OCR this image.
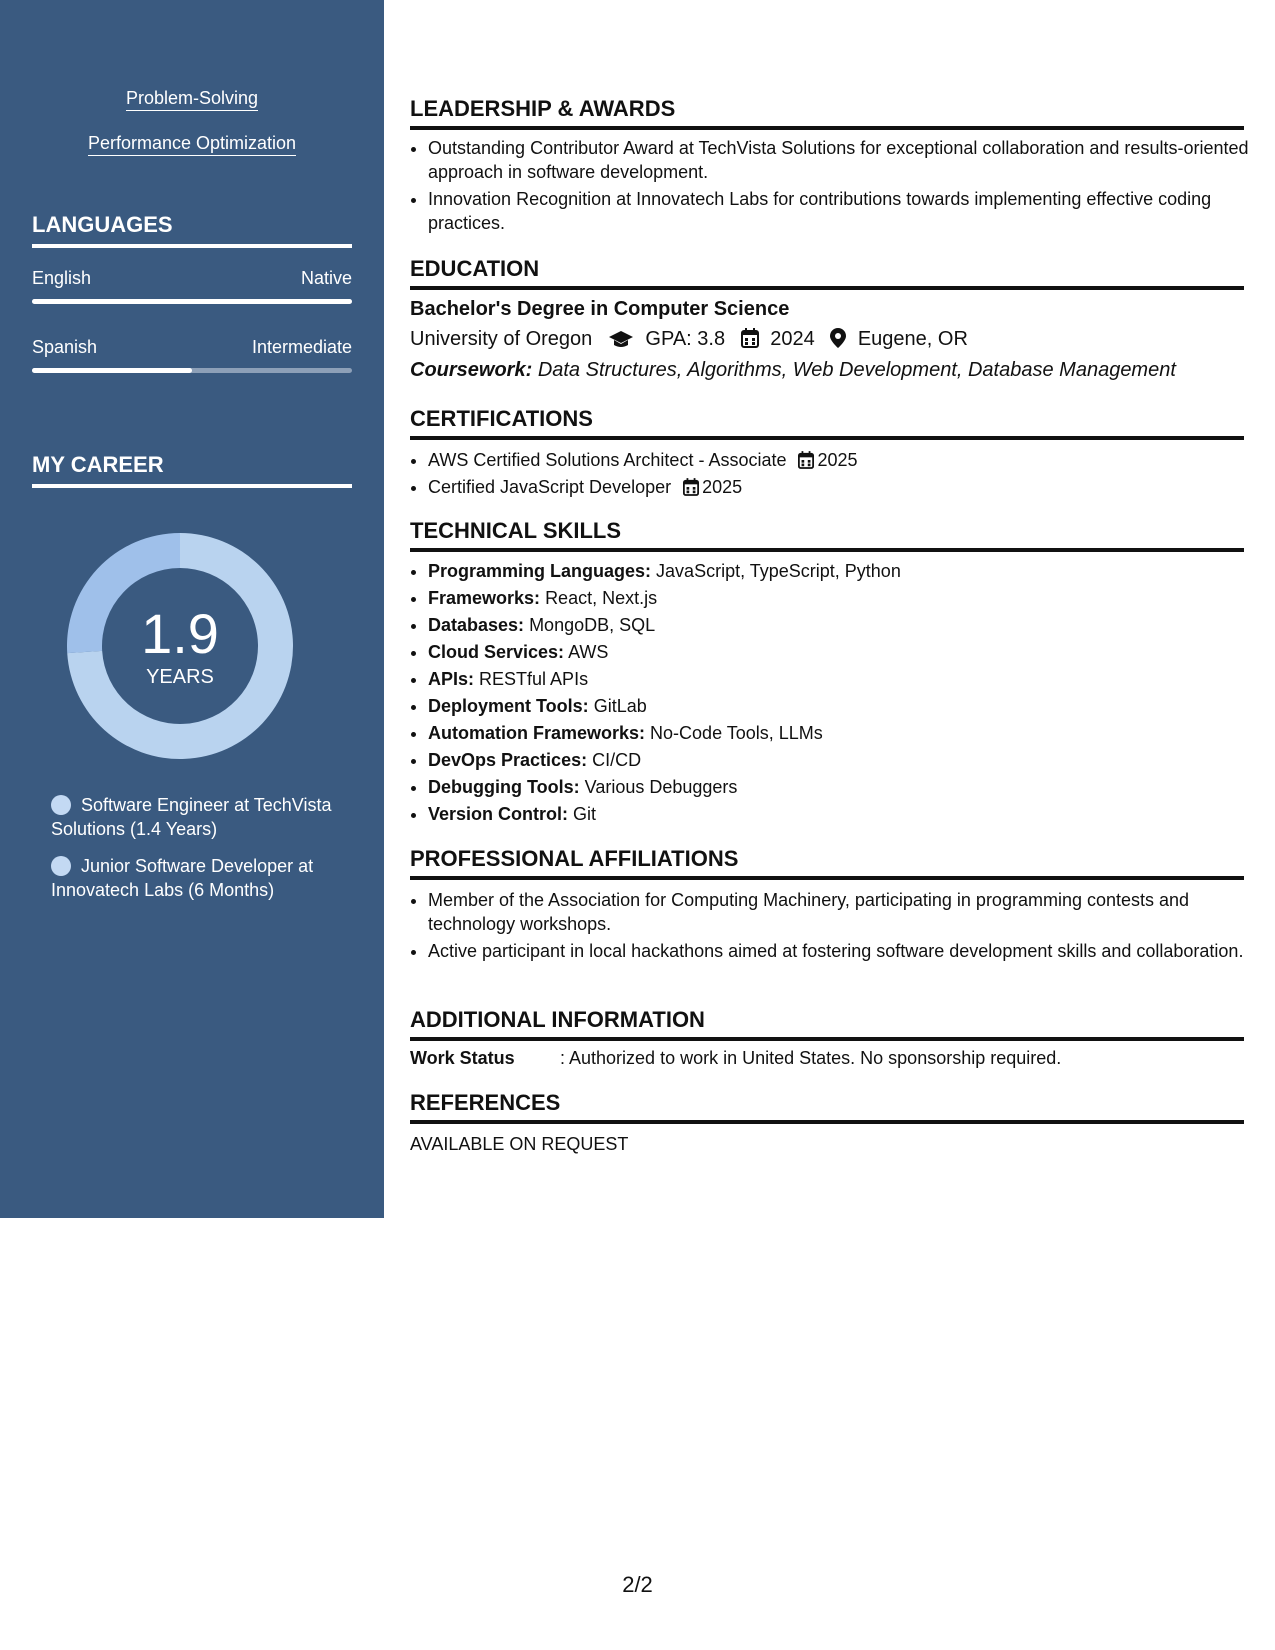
Problem-Solving
Performance Optimization
LANGUAGES
English	Native
Spanish	Intermediate
MY CAREER
1.9
YEARS
Software Engineer at TechVista Solutions (1.4 Years)
Junior Software Developer at Innovatech Labs (6 Months)
LEADERSHIP & AWARDS
• Outstanding Contributor Award at TechVista Solutions for exceptional collaboration and results-oriented approach in software development.
• Innovation Recognition at Innovatech Labs for contributions towards implementing effective coding practices.
EDUCATION
Bachelor's Degree in Computer Science
University of Oregon	GPA: 3.8 2024 Eugene, OR
Coursework: Data Structures, Algorithms, Web Development, Database Management
CERTIFICATIONS
• AWS Certified Solutions Architect - Associate 2025
• Certified JavaScript Developer 2025
TECHNICAL SKILLS
• Programming Languages: JavaScript, TypeScript, Python
• Frameworks: React, Next.js
• Databases: MongoDB, SQL
• Cloud Services: AWS
• APIs: RESTful APIs
• Deployment Tools: GitLab
• Automation Frameworks: No-Code Tools, LLMs
• DevOps Practices: CI/CD
• Debugging Tools: Various Debuggers
• Version Control: Git
PROFESSIONAL AFFILIATIONS
• Member of the Association for Computing Machinery, participating in programming contests and technology workshops.
• Active participant in local hackathons aimed at fostering software development skills and collaboration.
ADDITIONAL INFORMATION
Work Status	: Authorized to work in United States. No sponsorship required.
REFERENCES
AVAILABLE ON REQUEST
2/2
